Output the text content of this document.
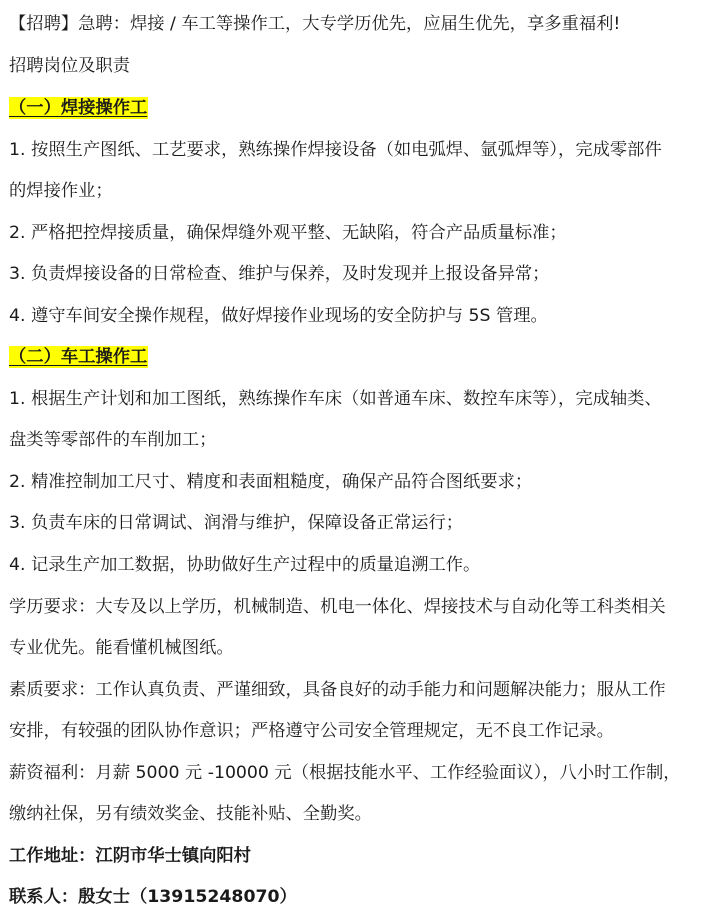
【招聘】急聘：焊接 / 车工等操作工，大专学历优先，应届生优先，享多重福利!
招聘岗位及职责
（一）焊接操作工
1. 按照生产图纸、工艺要求，熟练操作焊接设备（如电弧焊、氩弧焊等），完成零部件
的焊接作业；
2. 严格把控焊接质量，确保焊缝外观平整、无缺陷，符合产品质量标准；
3. 负责焊接设备的日常检查、维护与保养，及时发现并上报设备异常；
4. 遵守车间安全操作规程，做好焊接作业现场的安全防护与 5S 管理。
（二）车工操作工
1. 根据生产计划和加工图纸，熟练操作车床（如普通车床、数控车床等），完成轴类、
盘类等零部件的车削加工；
2. 精准控制加工尺寸、精度和表面粗糙度，确保产品符合图纸要求；
3. 负责车床的日常调试、润滑与维护，保障设备正常运行；
4. 记录生产加工数据，协助做好生产过程中的质量追溯工作。
学历要求：大专及以上学历，机械制造、机电一体化、焊接技术与自动化等工科类相关
专业优先。能看懂机械图纸。
素质要求：工作认真负责、严谨细致，具备良好的动手能力和问题解决能力；服从工作
安排，有较强的团队协作意识；严格遵守公司安全管理规定，无不良工作记录。
薪资福利：月薪 5000 元 -10000 元（根据技能水平、工作经验面议），八小时工作制，
缴纳社保，另有绩效奖金、技能补贴、全勤奖。
工作地址：江阴市华士镇向阳村
联系人：殷女士（13915248070）
